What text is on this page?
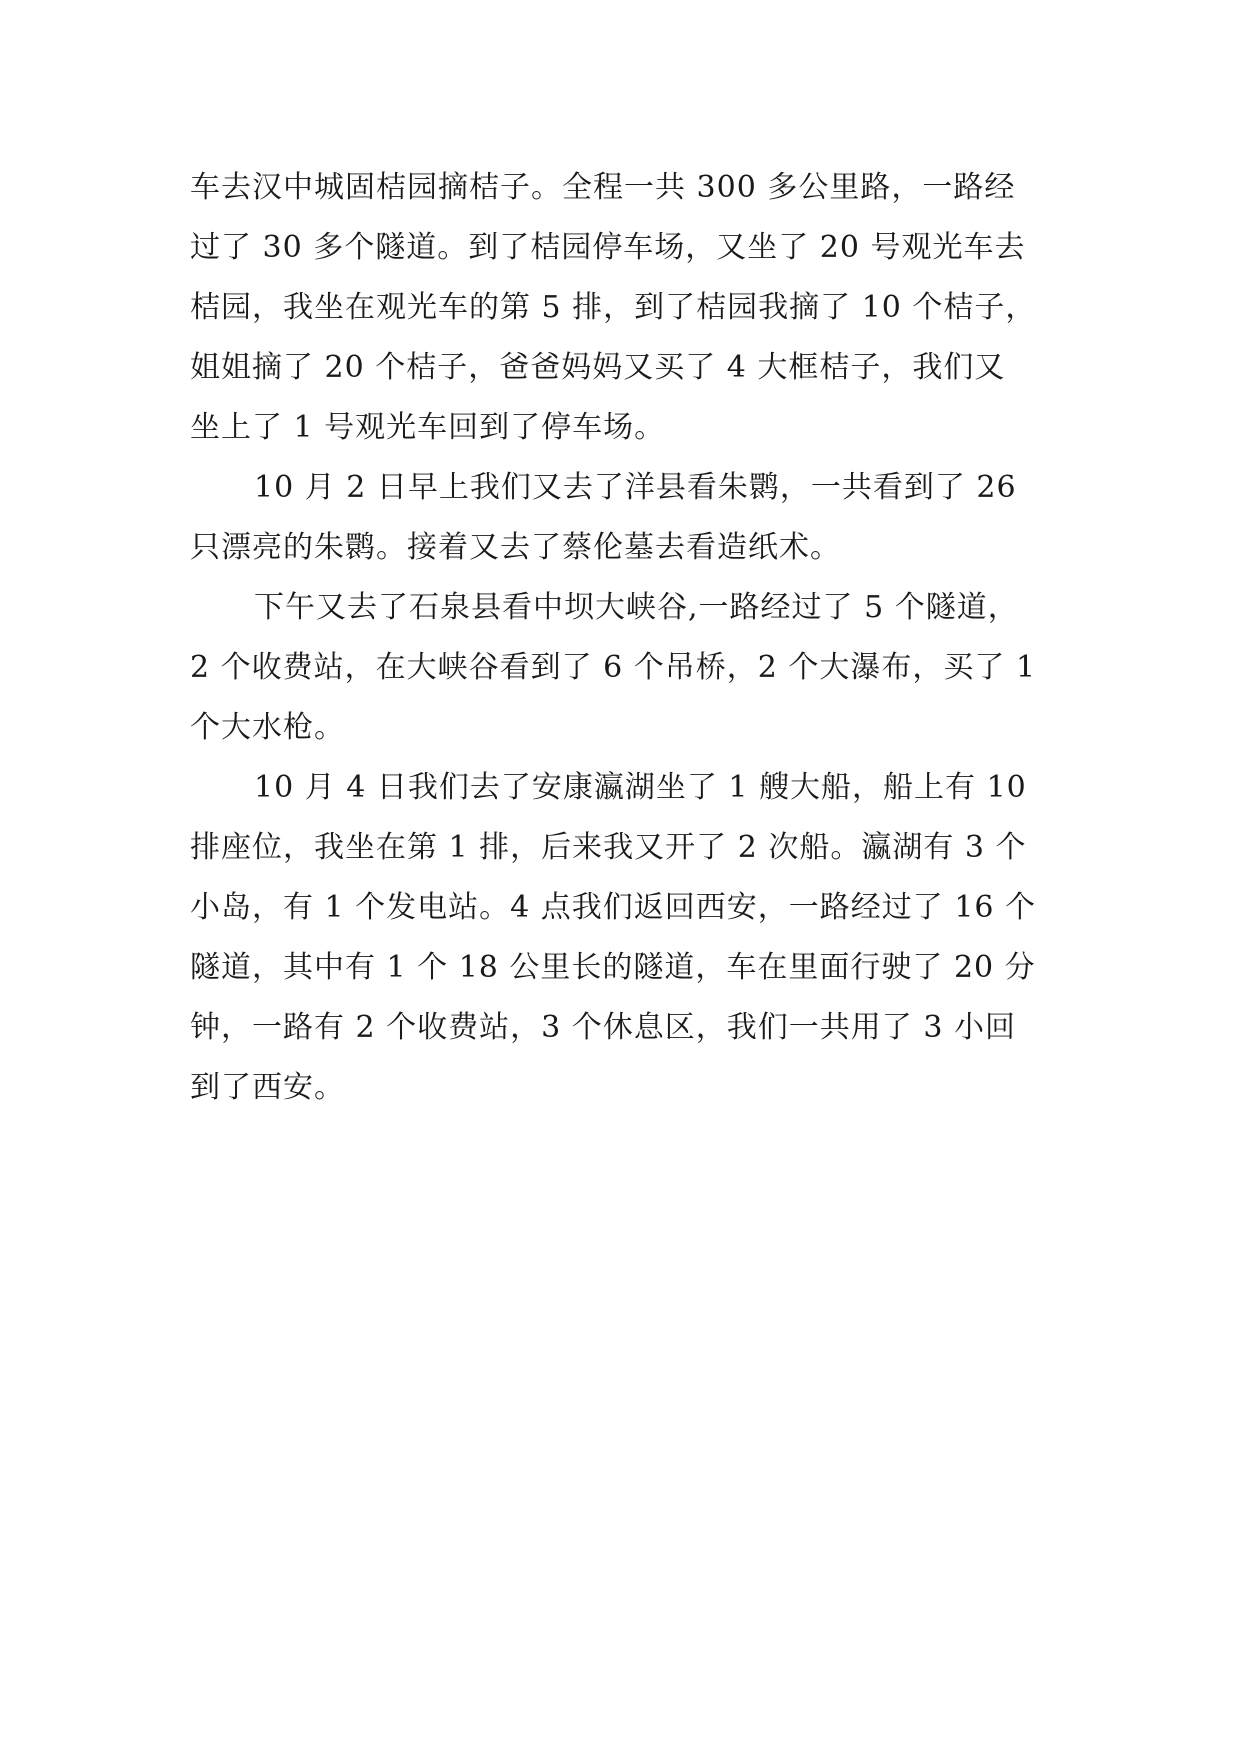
车去汉中城固桔园摘桔子。全程一共 300 多公里路，一路经
过了 30 多个隧道。到了桔园停车场，又坐了 20 号观光车去
桔园，我坐在观光车的第 5 排，到了桔园我摘了 10 个桔子，
姐姐摘了 20 个桔子，爸爸妈妈又买了 4 大框桔子，我们又
坐上了 1 号观光车回到了停车场。
10 月 2 日早上我们又去了洋县看朱鹮，一共看到了 26
只漂亮的朱鹮。接着又去了蔡伦墓去看造纸术。
下午又去了石泉县看中坝大峡谷,一路经过了 5 个隧道，
2 个收费站，在大峡谷看到了 6 个吊桥，2 个大瀑布，买了 1
个大水枪。
10 月 4 日我们去了安康瀛湖坐了 1 艘大船，船上有 10
排座位，我坐在第 1 排，后来我又开了 2 次船。瀛湖有 3 个
小岛，有 1 个发电站。4 点我们返回西安，一路经过了 16 个
隧道，其中有 1 个 18 公里长的隧道，车在里面行驶了 20 分
钟，一路有 2 个收费站，3 个休息区，我们一共用了 3 小回
到了西安。
